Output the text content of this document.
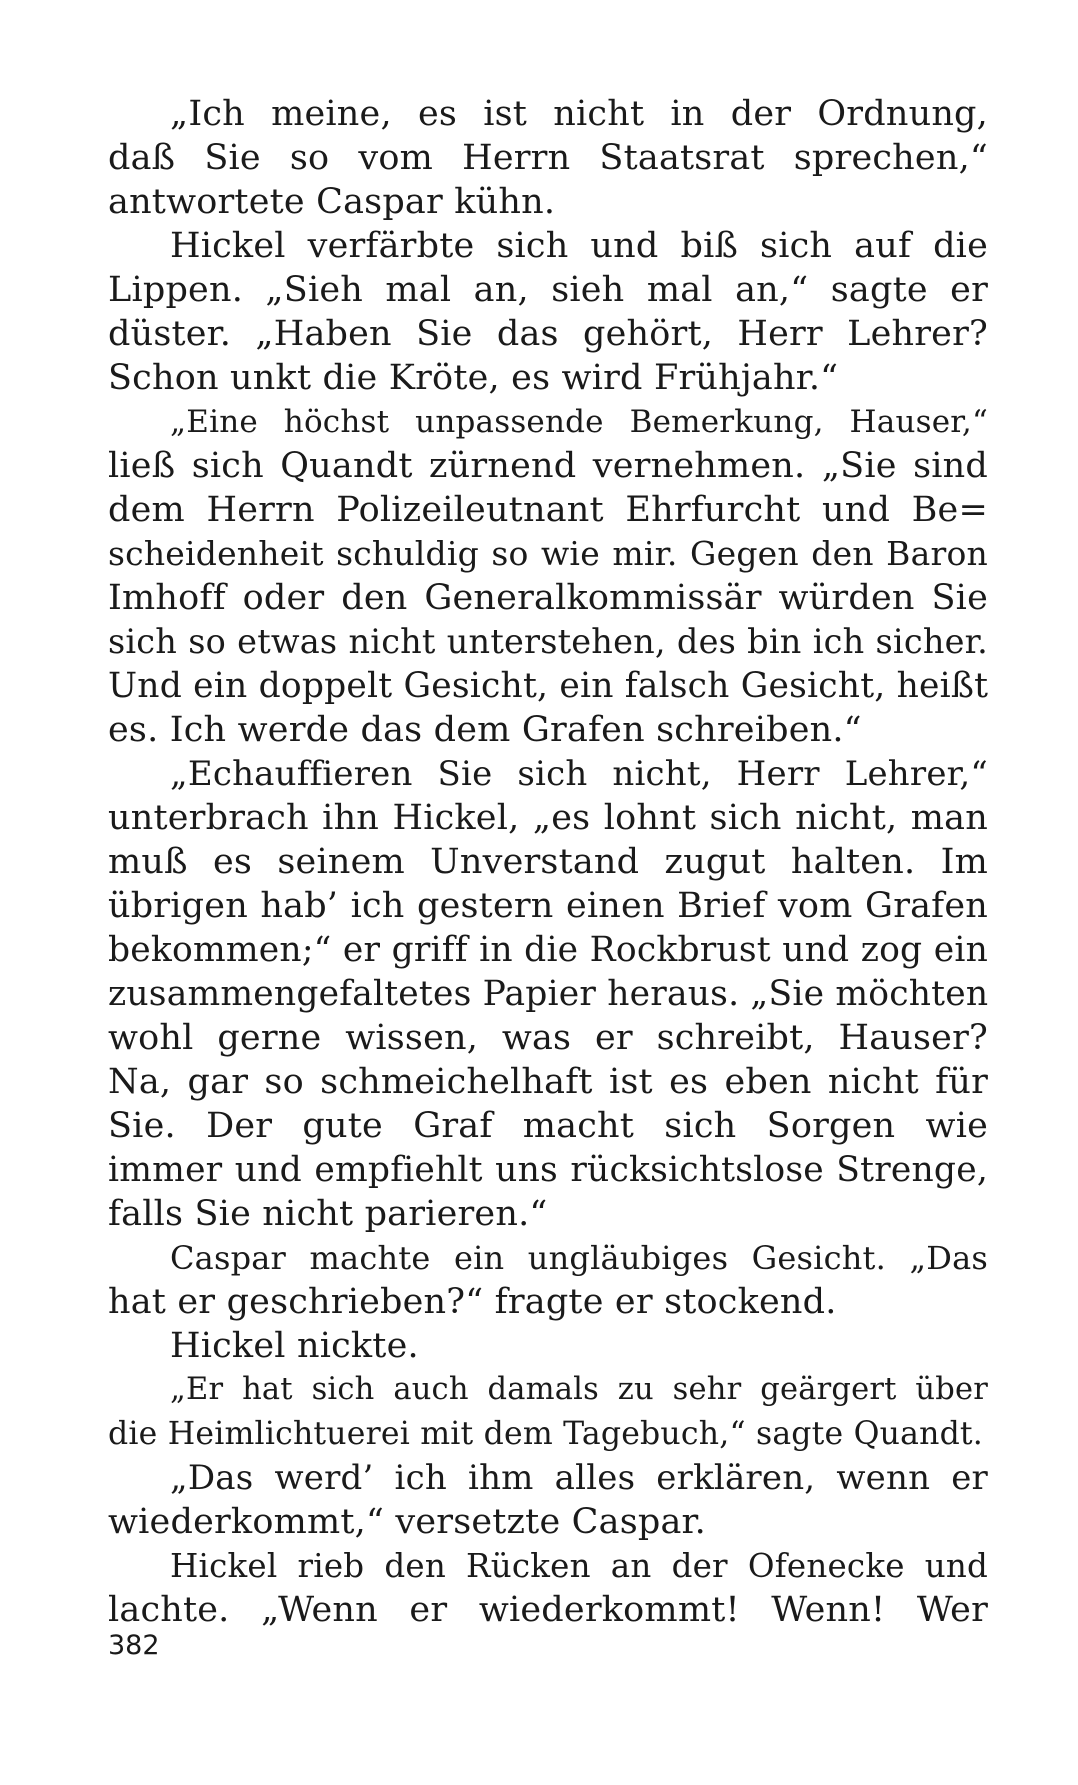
„Ich meine, es ist nicht in der Ordnung,
daß Sie so vom Herrn Staatsrat sprechen,“
antwortete Caspar kühn.
Hickel verfärbte sich und biß sich auf die
Lippen. „Sieh mal an, sieh mal an,“ sagte er
düster. „Haben Sie das gehört, Herr Lehrer?
Schon unkt die Kröte, es wird Frühjahr.“
„Eine höchst unpassende Bemerkung, Hauser,“
ließ sich Quandt zürnend vernehmen. „Sie sind
dem Herrn Polizeileutnant Ehrfurcht und Be=
scheidenheit schuldig so wie mir. Gegen den Baron
Imhoff oder den Generalkommissär würden Sie
sich so etwas nicht unterstehen, des bin ich sicher.
Und ein doppelt Gesicht, ein falsch Gesicht, heißt
es. Ich werde das dem Grafen schreiben.“
„Echauffieren Sie sich nicht, Herr Lehrer,“
unterbrach ihn Hickel, „es lohnt sich nicht, man
muß es seinem Unverstand zugut halten. Im
übrigen hab’ ich gestern einen Brief vom Grafen
bekommen;“ er griff in die Rockbrust und zog ein
zusammengefaltetes Papier heraus. „Sie möchten
wohl gerne wissen, was er schreibt, Hauser?
Na, gar so schmeichelhaft ist es eben nicht für
Sie. Der gute Graf macht sich Sorgen wie
immer und empfiehlt uns rücksichtslose Strenge,
falls Sie nicht parieren.“
Caspar machte ein ungläubiges Gesicht. „Das
hat er geschrieben?“ fragte er stockend.
Hickel nickte.
„Er hat sich auch damals zu sehr geärgert über
die Heimlichtuerei mit dem Tagebuch,“ sagte Quandt.
„Das werd’ ich ihm alles erklären, wenn er
wiederkommt,“ versetzte Caspar.
Hickel rieb den Rücken an der Ofenecke und
lachte. „Wenn er wiederkommt! Wenn! Wer
382
